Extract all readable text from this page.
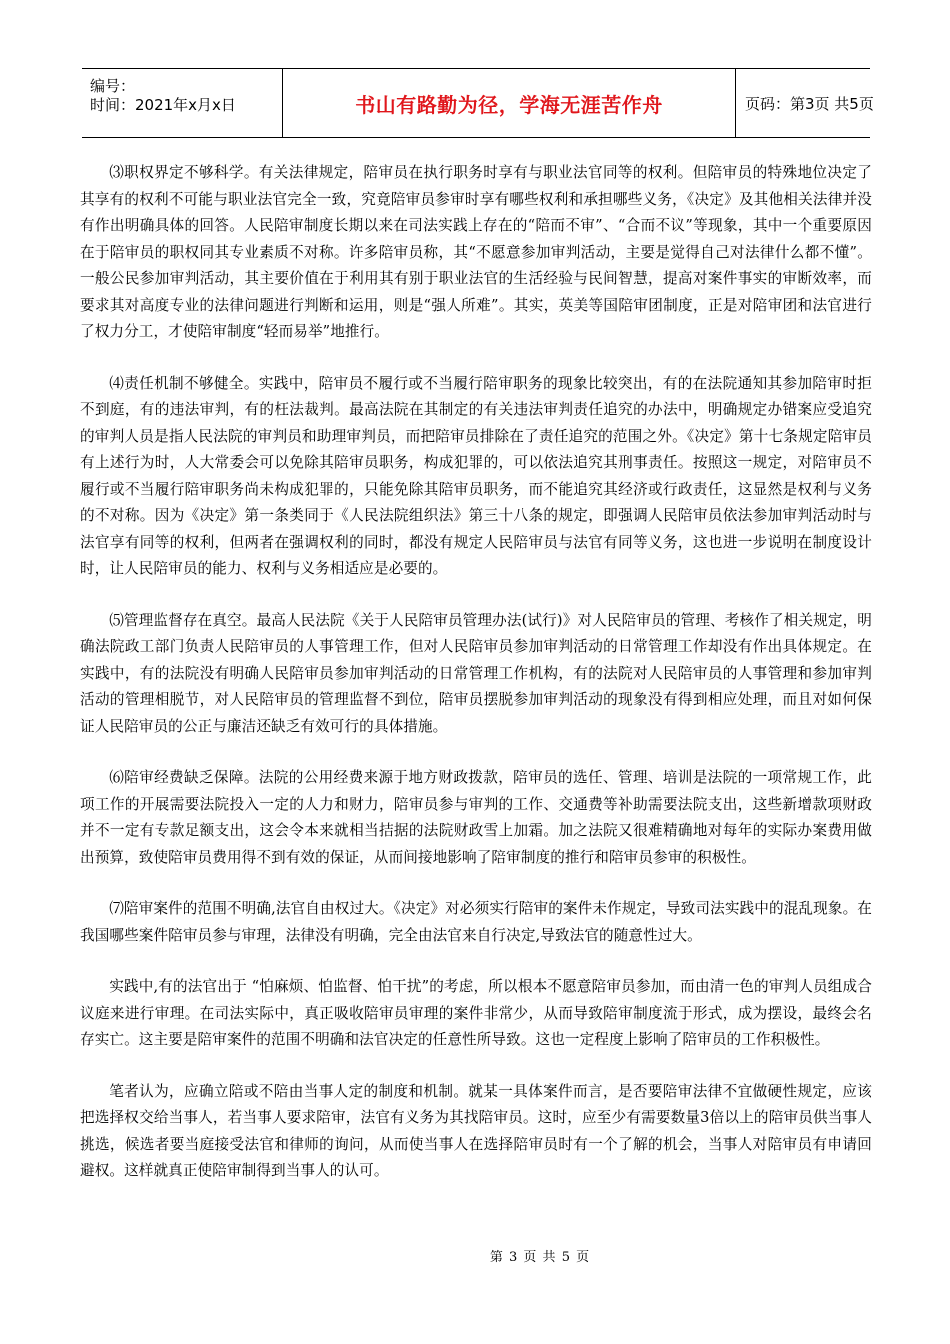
编号：
时间：2021年x月x日	书山有路勤为径，学海无涯苦作舟	页码：第3页 共5页

⑶职权界定不够科学。有关法律规定，陪审员在执行职务时享有与职业法官同等的权利。但陪审员的特殊地位决定了其享有的权利不可能与职业法官完全一致，究竟陪审员参审时享有哪些权利和承担哪些义务，《决定》及其他相关法律并没有作出明确具体的回答。人民陪审制度长期以来在司法实践上存在的“陪而不审”、“合而不议”等现象，其中一个重要原因在于陪审员的职权同其专业素质不对称。许多陪审员称，其“不愿意参加审判活动，主要是觉得自己对法律什么都不懂”。一般公民参加审判活动，其主要价值在于利用其有别于职业法官的生活经验与民间智慧，提高对案件事实的审断效率，而要求其对高度专业的法律问题进行判断和运用，则是“强人所难”。其实，英美等国陪审团制度，正是对陪审团和法官进行了权力分工，才使陪审制度“轻而易举”地推行。

⑷责任机制不够健全。实践中，陪审员不履行或不当履行陪审职务的现象比较突出，有的在法院通知其参加陪审时拒不到庭，有的违法审判，有的枉法裁判。最高法院在其制定的有关违法审判责任追究的办法中，明确规定办错案应受追究的审判人员是指人民法院的审判员和助理审判员，而把陪审员排除在了责任追究的范围之外。《决定》第十七条规定陪审员有上述行为时，人大常委会可以免除其陪审员职务，构成犯罪的，可以依法追究其刑事责任。按照这一规定，对陪审员不履行或不当履行陪审职务尚未构成犯罪的，只能免除其陪审员职务，而不能追究其经济或行政责任，这显然是权利与义务的不对称。因为《决定》第一条类同于《人民法院组织法》第三十八条的规定，即强调人民陪审员依法参加审判活动时与法官享有同等的权利，但两者在强调权利的同时，都没有规定人民陪审员与法官有同等义务，这也进一步说明在制度设计时，让人民陪审员的能力、权利与义务相适应是必要的。

⑸管理监督存在真空。最高人民法院《关于人民陪审员管理办法(试行)》对人民陪审员的管理、考核作了相关规定，明确法院政工部门负责人民陪审员的人事管理工作，但对人民陪审员参加审判活动的日常管理工作却没有作出具体规定。在实践中，有的法院没有明确人民陪审员参加审判活动的日常管理工作机构，有的法院对人民陪审员的人事管理和参加审判活动的管理相脱节，对人民陪审员的管理监督不到位，陪审员摆脱参加审判活动的现象没有得到相应处理，而且对如何保证人民陪审员的公正与廉洁还缺乏有效可行的具体措施。

⑹陪审经费缺乏保障。法院的公用经费来源于地方财政拨款，陪审员的选任、管理、培训是法院的一项常规工作，此项工作的开展需要法院投入一定的人力和财力，陪审员参与审判的工作、交通费等补助需要法院支出，这些新增款项财政并不一定有专款足额支出，这会令本来就相当拮据的法院财政雪上加霜。加之法院又很难精确地对每年的实际办案费用做出预算，致使陪审员费用得不到有效的保证，从而间接地影响了陪审制度的推行和陪审员参审的积极性。

⑺陪审案件的范围不明确,法官自由权过大。《决定》对必须实行陪审的案件未作规定，导致司法实践中的混乱现象。在我国哪些案件陪审员参与审理，法律没有明确，完全由法官来自行决定,导致法官的随意性过大。

实践中,有的法官出于 “怕麻烦、怕监督、怕干扰”的考虑，所以根本不愿意陪审员参加，而由清一色的审判人员组成合议庭来进行审理。在司法实际中，真正吸收陪审员审理的案件非常少，从而导致陪审制度流于形式，成为摆设，最终会名存实亡。这主要是陪审案件的范围不明确和法官决定的任意性所导致。这也一定程度上影响了陪审员的工作积极性。

笔者认为，应确立陪或不陪由当事人定的制度和机制。就某一具体案件而言，是否要陪审法律不宜做硬性规定，应该把选择权交给当事人，若当事人要求陪审，法官有义务为其找陪审员。这时，应至少有需要数量3倍以上的陪审员供当事人挑选，候选者要当庭接受法官和律师的询问，从而使当事人在选择陪审员时有一个了解的机会，当事人对陪审员有申请回避权。这样就真正使陪审制得到当事人的认可。

第 3 页 共 5 页
